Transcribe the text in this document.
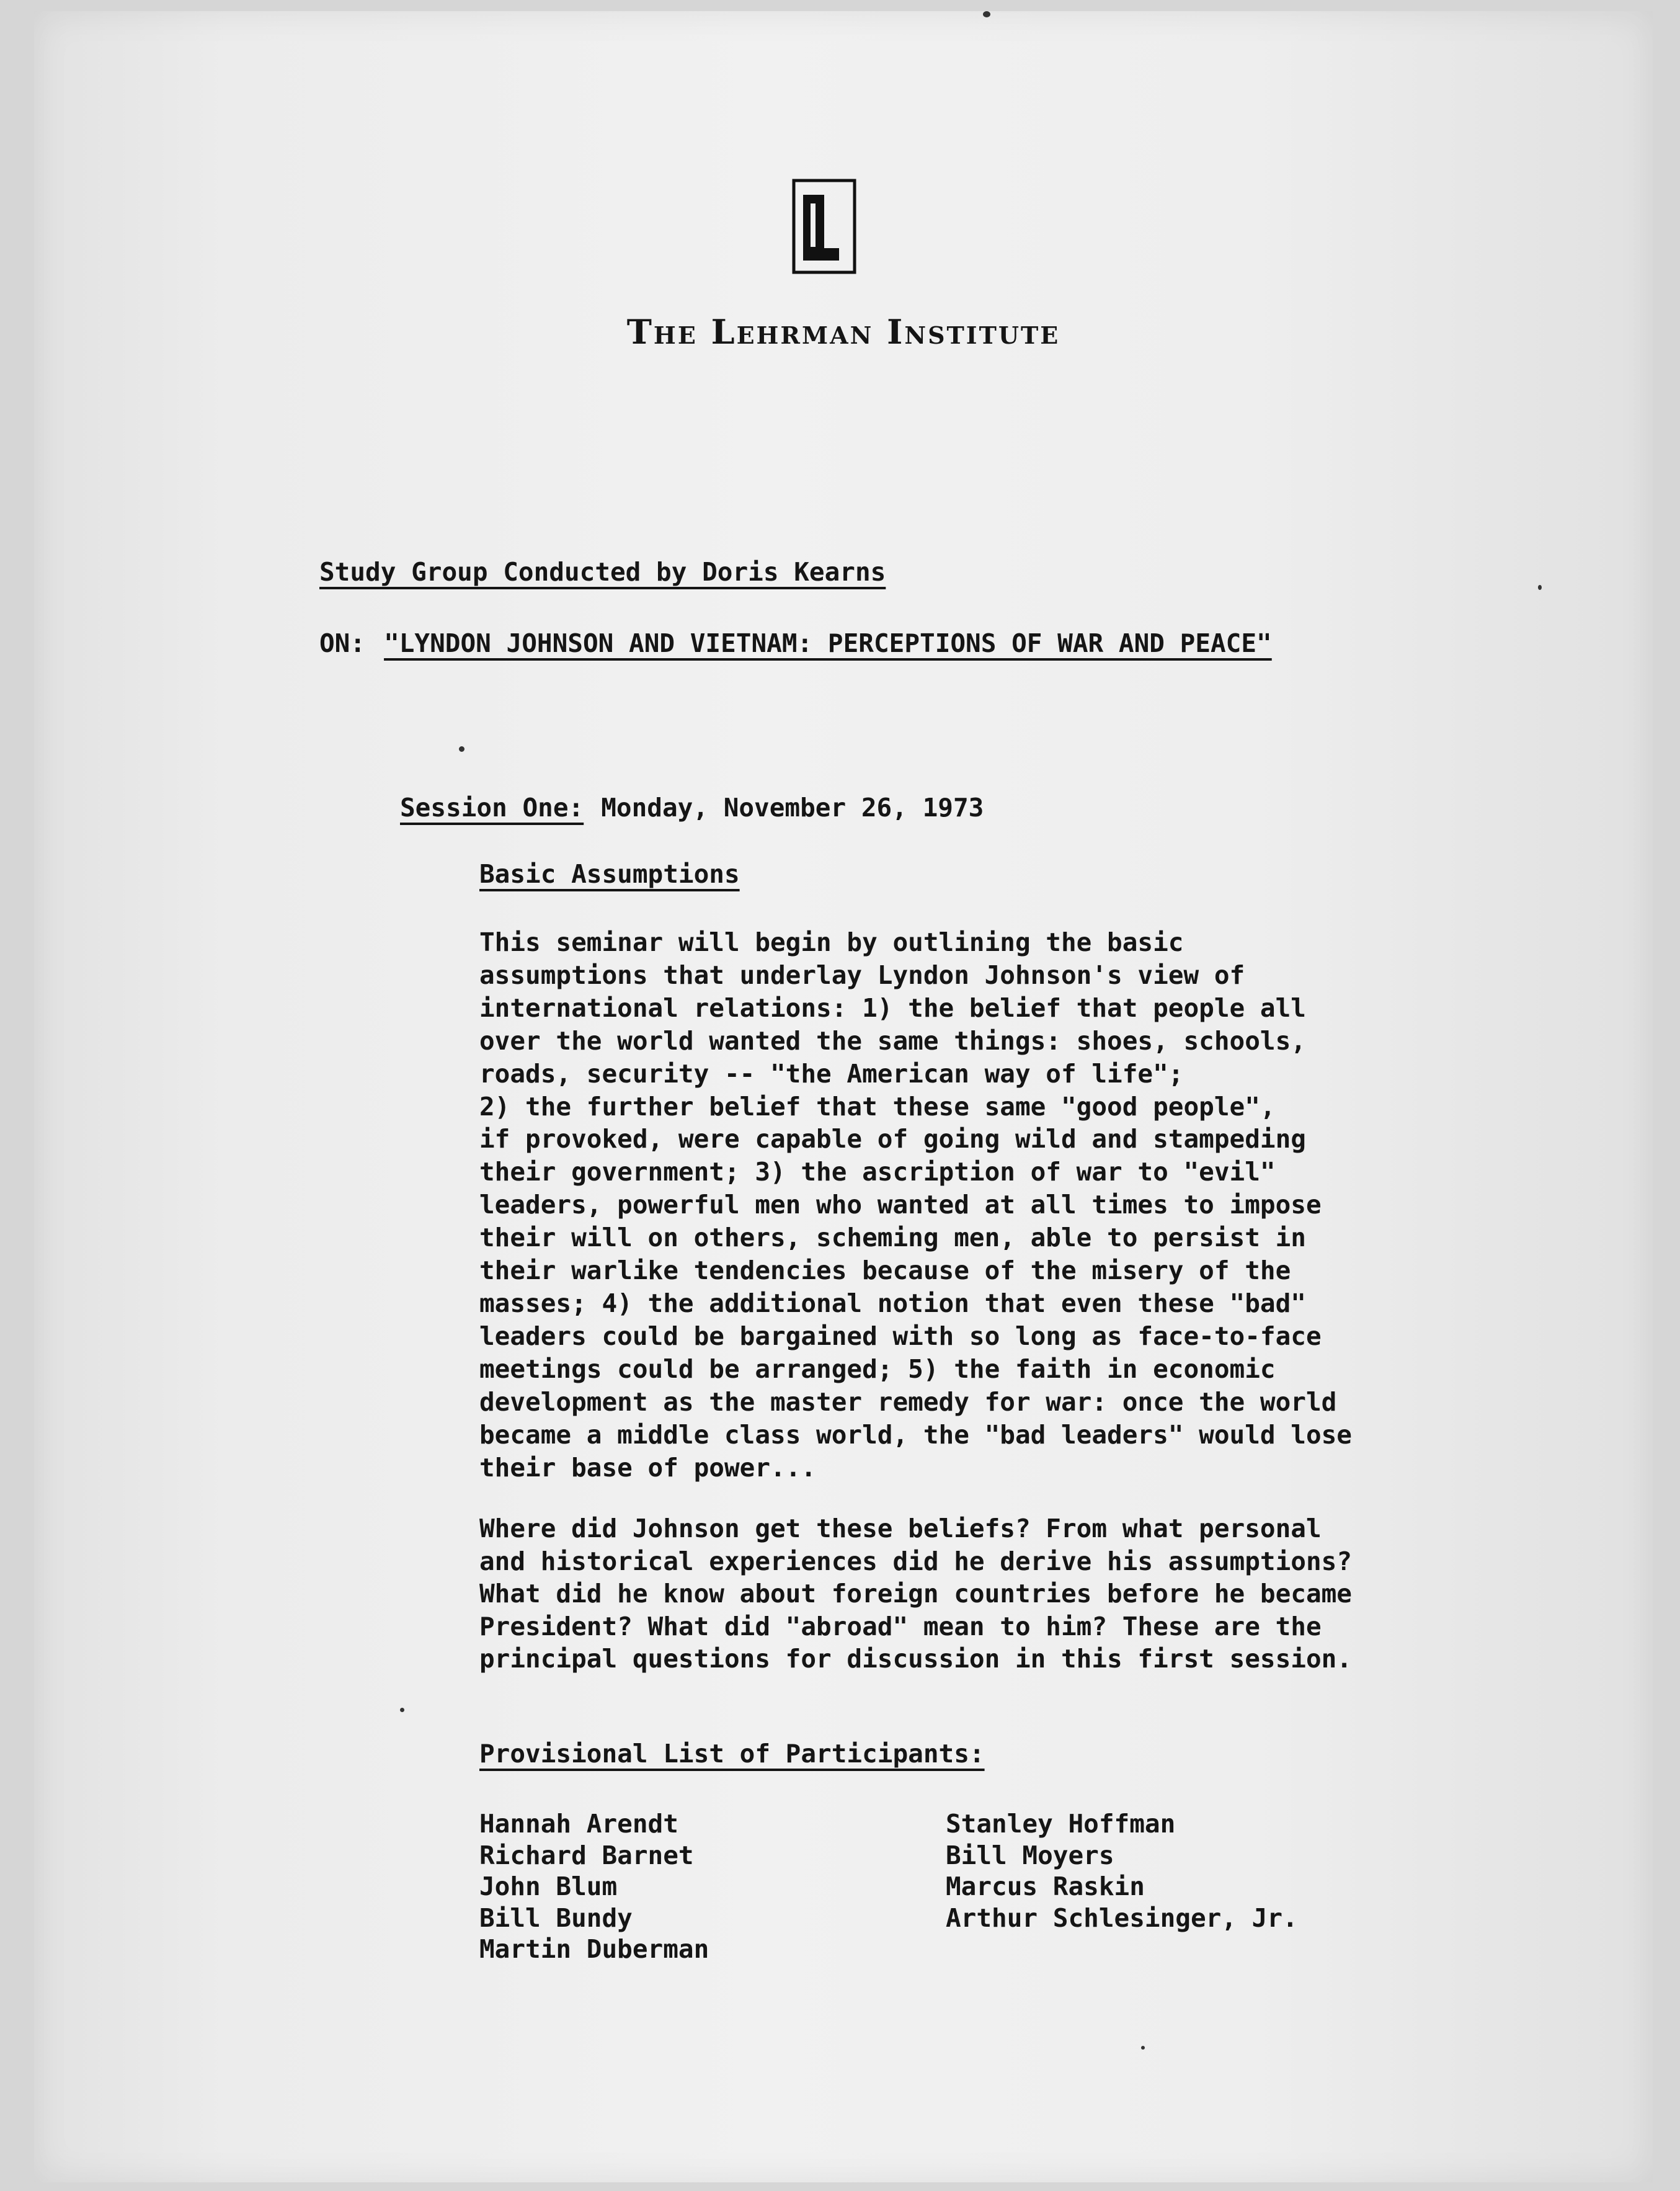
The Lehrman Institute
Study Group Conducted by Doris Kearns
ON: "LYNDON JOHNSON AND VIETNAM: PERCEPTIONS OF WAR AND PEACE"
Session One: Monday, November 26, 1973
Basic Assumptions
This seminar will begin by outlining the basic
assumptions that underlay Lyndon Johnson's view of
international relations: 1) the belief that people all
over the world wanted the same things: shoes, schools,
roads, security -- "the American way of life";
2) the further belief that these same "good people",
if provoked, were capable of going wild and stampeding
their government; 3) the ascription of war to "evil"
leaders, powerful men who wanted at all times to impose
their will on others, scheming men, able to persist in
their warlike tendencies because of the misery of the
masses; 4) the additional notion that even these "bad"
leaders could be bargained with so long as face-to-face
meetings could be arranged; 5) the faith in economic
development as the master remedy for war: once the world
became a middle class world, the "bad leaders" would lose
their base of power...
Where did Johnson get these beliefs? From what personal
and historical experiences did he derive his assumptions?
What did he know about foreign countries before he became
President? What did "abroad" mean to him? These are the
principal questions for discussion in this first session.
Provisional List of Participants:
Hannah Arendt
Richard Barnet
John Blum
Bill Bundy
Martin Duberman
Stanley Hoffman
Bill Moyers
Marcus Raskin
Arthur Schlesinger, Jr.
